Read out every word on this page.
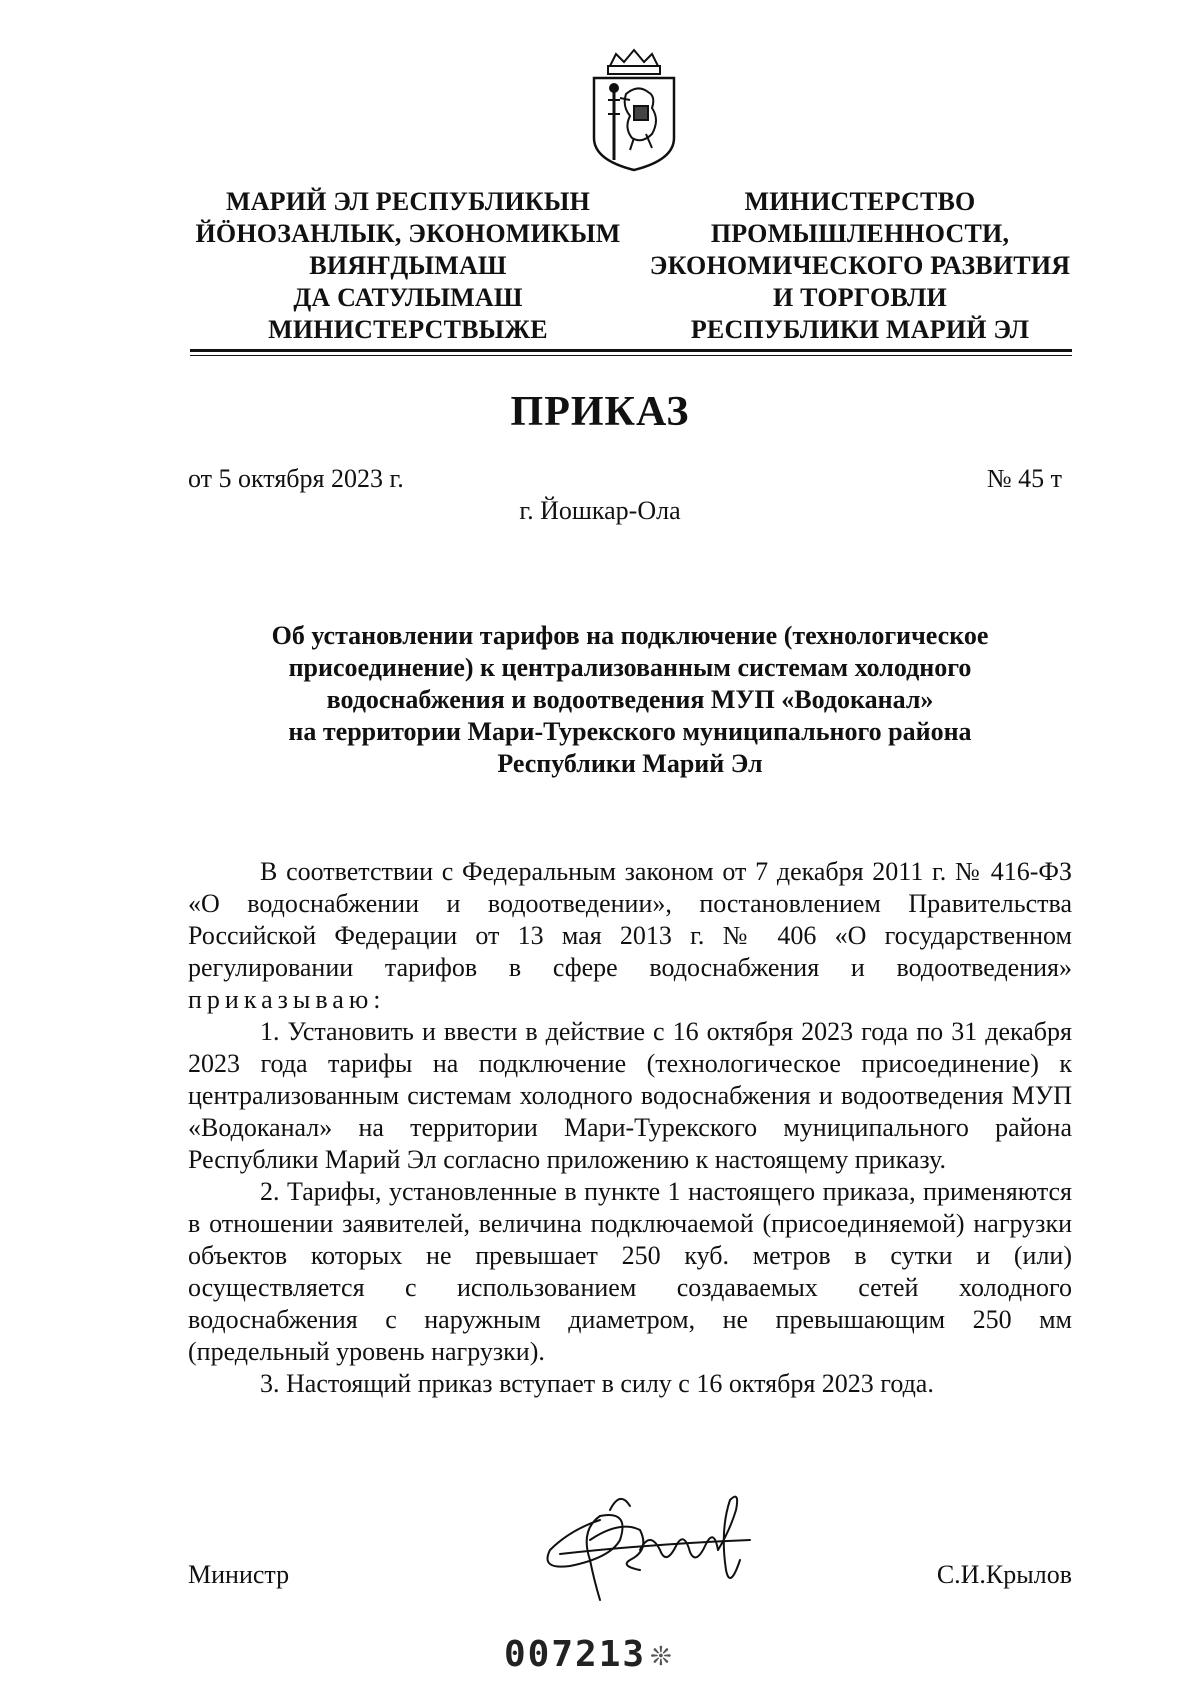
МАРИЙ ЭЛ РЕСПУБЛИКЫН
ЙӦНОЗАНЛЫК, ЭКОНОМИКЫМ
ВИЯҤДЫМАШ
ДА САТУЛЫМАШ
МИНИСТЕРСТВЫЖЕ
МИНИСТЕРСТВО
ПРОМЫШЛЕННОСТИ,
ЭКОНОМИЧЕСКОГО РАЗВИТИЯ
И ТОРГОВЛИ
РЕСПУБЛИКИ МАРИЙ ЭЛ
ПРИКАЗ
от 5 октября 2023 г.	№ 45 т
г. Йошкар-Ола
Об установлении тарифов на подключение (технологическое
присоединение) к централизованным системам холодного
водоснабжения и водоотведения МУП «Водоканал»
на территории Мари-Турекского муниципального района
Республики Марий Эл

В соответствии с Федеральным законом от 7 декабря 2011 г. № 416-ФЗ «О водоснабжении и водоотведении», постановлением Правительства Российской Федерации от 13 мая 2013 г. № 406 «О государственном регулировании тарифов в сфере водоснабжения и водоотведения» приказываю:

1. Установить и ввести в действие с 16 октября 2023 года по 31 декабря 2023 года тарифы на подключение (технологическое присоединение) к централизованным системам холодного водоснабжения и водоотведения МУП «Водоканал» на территории Мари-Турекского муниципального района Республики Марий Эл согласно приложению к настоящему приказу.

2. Тарифы, установленные в пункте 1 настоящего приказа, применяются в отношении заявителей, величина подключаемой (присоединяемой) нагрузки объектов которых не превышает 250 куб. метров в сутки и (или) осуществляется с использованием создаваемых сетей холодного водоснабжения с наружным диаметром, не превышающим 250 мм (предельный уровень нагрузки).

3. Настоящий приказ вступает в силу с 16 октября 2023 года.

Министр	С.И.Крылов
007213 ❊
